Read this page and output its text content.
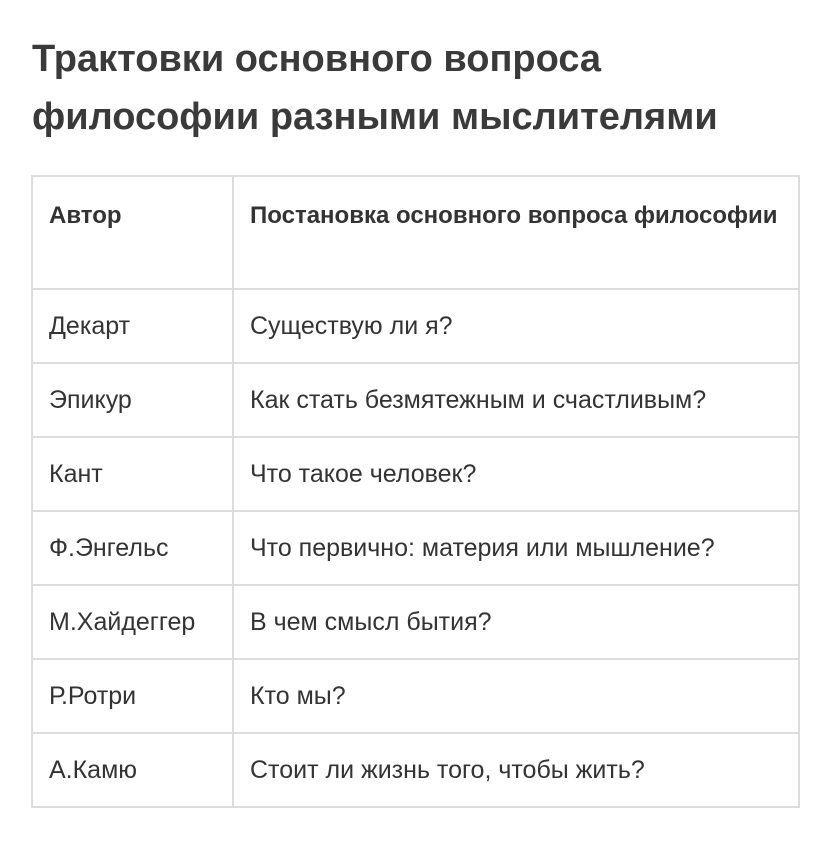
Трактовки основного вопроса философии разными мыслителями
Автор	Постановка основного вопроса философии
Декарт	Существую ли я?
Эпикур	Как стать безмятежным и счастливым?
Кант	Что такое человек?
Ф.Энгельс	Что первично: материя или мышление?
М.Хайдеггер	В чем смысл бытия?
Р.Ротри	Кто мы?
А.Камю	Стоит ли жизнь того, чтобы жить?
